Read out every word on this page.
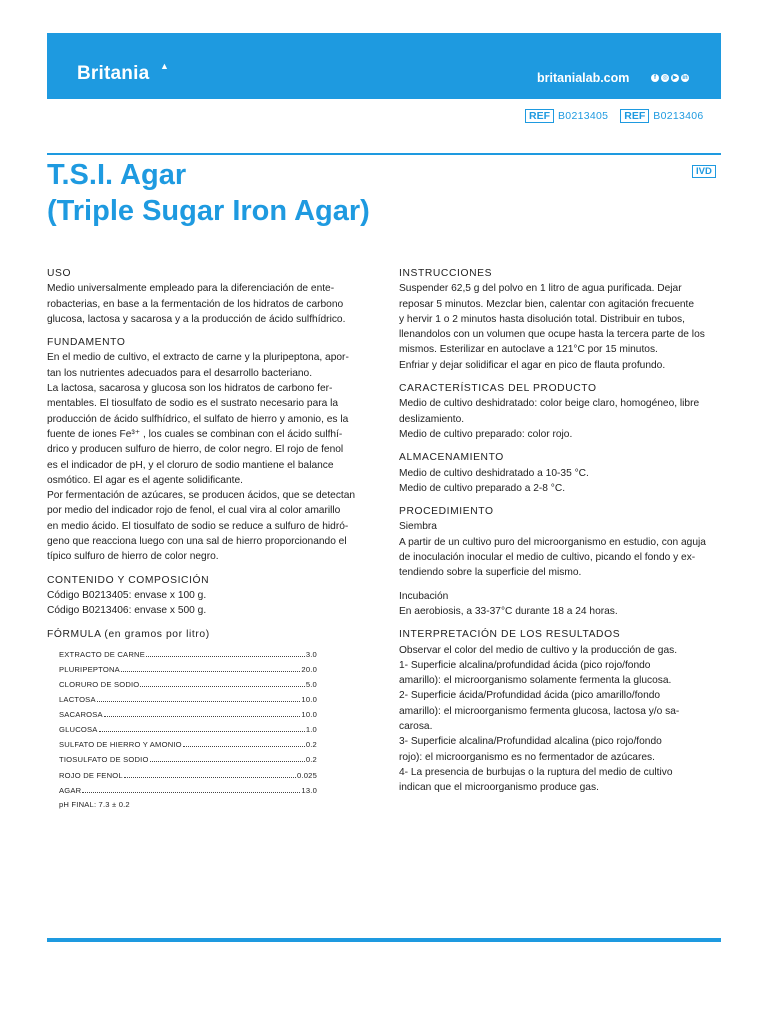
Britania ▲
britanialab.com	f	◎ ▶ in
REF B0213405	REF B0213406
T.S.I. Agar
(Triple Sugar Iron Agar)
IVD
USO

Medio universalmente empleado para la diferenciación de ente-

robacterias, en base a la fermentación de los hidratos de carbono

glucosa, lactosa y sacarosa y a la producción de ácido sulfhídrico.

FUNDAMENTO

En el medio de cultivo, el extracto de carne y la pluripeptona, apor-

tan los nutrientes adecuados para el desarrollo bacteriano.

La lactosa, sacarosa y glucosa son los hidratos de carbono fer-

mentables. El tiosulfato de sodio es el sustrato necesario para la

producción de ácido sulfhídrico, el sulfato de hierro y amonio, es la

fuente de iones Fe³⁺ , los cuales se combinan con el ácido sulfhí-

drico y producen sulfuro de hierro, de color negro. El rojo de fenol

es el indicador de pH, y el cloruro de sodio mantiene el balance

osmótico. El agar es el agente solidificante.

Por fermentación de azúcares, se producen ácidos, que se detectan

por medio del indicador rojo de fenol, el cual vira al color amarillo

en medio ácido. El tiosulfato de sodio se reduce a sulfuro de hidró-

geno que reacciona luego con una sal de hierro proporcionando el

típico sulfuro de hierro de color negro.

CONTENIDO Y COMPOSICIÓN

Código B0213405: envase x 100 g.

Código B0213406: envase x 500 g.

FÓRMULA (en gramos por litro)
EXTRACTO DE CARNE	3.0
PLURIPEPTONA	20.0
CLORURO DE SODIO	5.0
LACTOSA	10.0
SACAROSA	10.0
GLUCOSA	1.0
SULFATO DE HIERRO Y AMONIO	0.2
TIOSULFATO DE SODIO	0.2
ROJO DE FENOL	0.025
AGAR	13.0
pH FINAL: 7.3 ± 0.2
INSTRUCCIONES

Suspender 62,5 g del polvo en 1 litro de agua purificada. Dejar

reposar 5 minutos. Mezclar bien, calentar con agitación frecuente

y hervir 1 o 2 minutos hasta disolución total. Distribuir en tubos,

llenandolos con un volumen que ocupe hasta la tercera parte de los

mismos. Esterilizar en autoclave a 121°C por 15 minutos.

Enfriar y dejar solidificar el agar en pico de flauta profundo.

CARACTERÍSTICAS DEL PRODUCTO

Medio de cultivo deshidratado: color beige claro, homogéneo, libre

deslizamiento.

Medio de cultivo preparado: color rojo.

ALMACENAMIENTO

Medio de cultivo deshidratado a 10-35 °C.

Medio de cultivo preparado a 2-8 °C.

PROCEDIMIENTO
Siembra

A partir de un cultivo puro del microorganismo en estudio, con aguja

de inoculación inocular el medio de cultivo, picando el fondo y ex-

tendiendo sobre la superficie del mismo.

Incubación

En aerobiosis, a 33-37°C durante 18 a 24 horas.

INTERPRETACIÓN DE LOS RESULTADOS

Observar el color del medio de cultivo y la producción de gas.

1- Superficie alcalina/profundidad ácida (pico rojo/fondo

amarillo): el microorganismo solamente fermenta la glucosa.

2- Superficie ácida/Profundidad ácida (pico amarillo/fondo

amarillo): el microorganismo fermenta glucosa, lactosa y/o sa-

carosa.

3- Superficie alcalina/Profundidad alcalina (pico rojo/fondo

rojo): el microorganismo es no fermentador de azúcares.

4- La presencia de burbujas o la ruptura del medio de cultivo

indican que el microorganismo produce gas.
